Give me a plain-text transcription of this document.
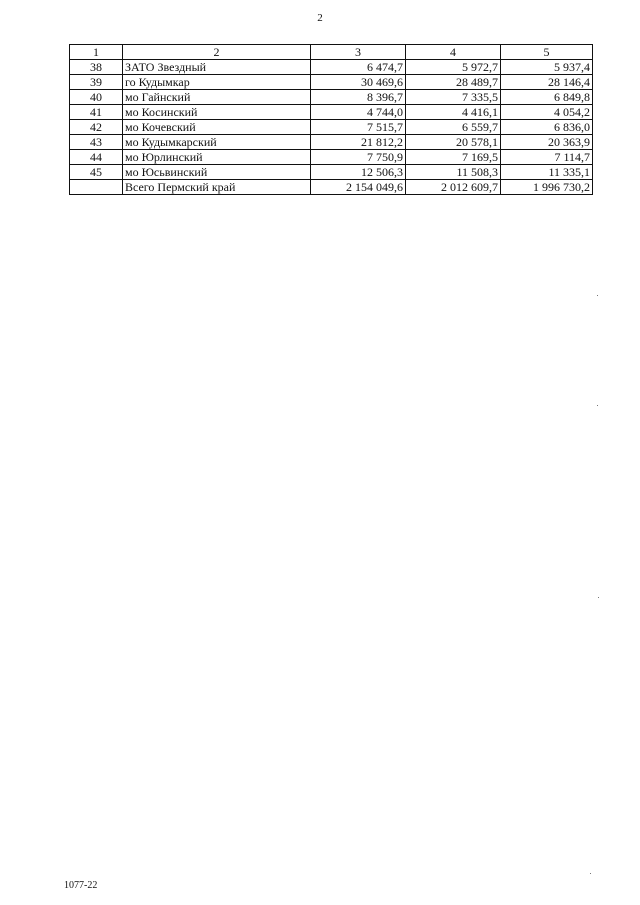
2
1	2	3	4	5
38	ЗАТО Звездный	6 474,7	5 972,7	5 937,4
39	го Кудымкар	30 469,6	28 489,7	28 146,4
40	мо Гайнский	8 396,7	7 335,5	6 849,8
41	мо Косинский	4 744,0	4 416,1	4 054,2
42	мо Кочевский	7 515,7	6 559,7	6 836,0
43	мо Кудымкарский	21 812,2	20 578,1	20 363,9
44	мо Юрлинский	7 750,9	7 169,5	7 114,7
45	мо Юсьвинский	12 506,3	11 508,3	11 335,1
	Всего Пермский край	2 154 049,6	2 012 609,7	1 996 730,2
1077-22
